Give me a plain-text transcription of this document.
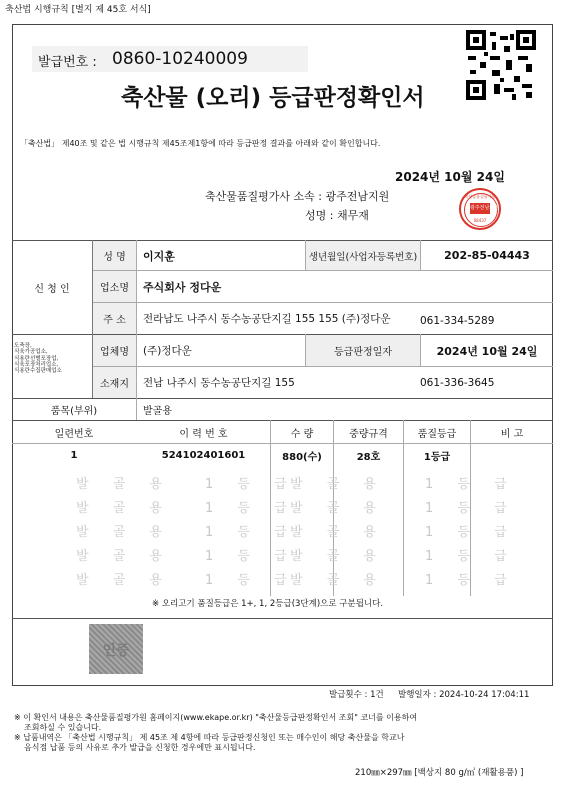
축산법 시행규칙 [별지 제 45호 서식]
발급번호 : 0860-10240009
축산물 (오리) 등급판정확인서
「축산법」 제40조 및 같은 법 시행규칙 제45조제1항에 따라 등급판정 결과를 아래와 같이 확인합니다.
2024년 10월 24일
축산물품질평가사 소속 : 광주전남지원
성명 : 채무재
축산물품질평가원
광주전남지원
08437
신 청 인
성 명	이지훈	생년월일(사업자등록번호)	202-85-04443
업소명	주식회사 정다운
주 소	전라남도 나주시 동수농공단지길 155 155 (주)정다운	061-334-5289
도축장,
식육가공업소,
식용란선별포장업,
식육포장처리업소,
식용란수집판매업소
업체명	(주)정다운	등급판정일자	2024년 10월 24일
소재지	전남 나주시 동수농공단지길 155	061-336-3645
품목(부위)	발골용
일련번호	이 력 번 호	수 량	중량규격	품질등급	비 고
1	524102401601	880(수)	28호	1등급
발 골 용	1 등 급
발 골 용	1 등 급
발 골 용	1 등 급
발 골 용	1 등 급
발 골 용	1 등 급
발 골 용	1 등 급
발 골 용	1 등 급
발 골 용	1 등 급
발 골 용	1 등 급
발 골 용	1 등 급
※ 오리고기 품질등급은 1+, 1, 2등급(3단계)으로 구분됩니다.
인증
발급횟수 : 1건 발행일자 : 2024-10-24 17:04:11
※ 이 확인서 내용은 축산물품질평가원 홈페이지(www.ekape.or.kr) "축산물등급판정확인서 조회" 코너를 이용하여
조회하실 수 있습니다.
※ 납품내역은 「축산법 시행규칙」 제 45조 제 4항에 따라 등급판정신청인 또는 매수인이 해당 축산물을 학교나
음식점 납품 등의 사유로 추가 발급을 신청한 경우에만 표시됩니다.
210㎜×297㎜ [백상지 80 g/㎡ (재활용품) ]
